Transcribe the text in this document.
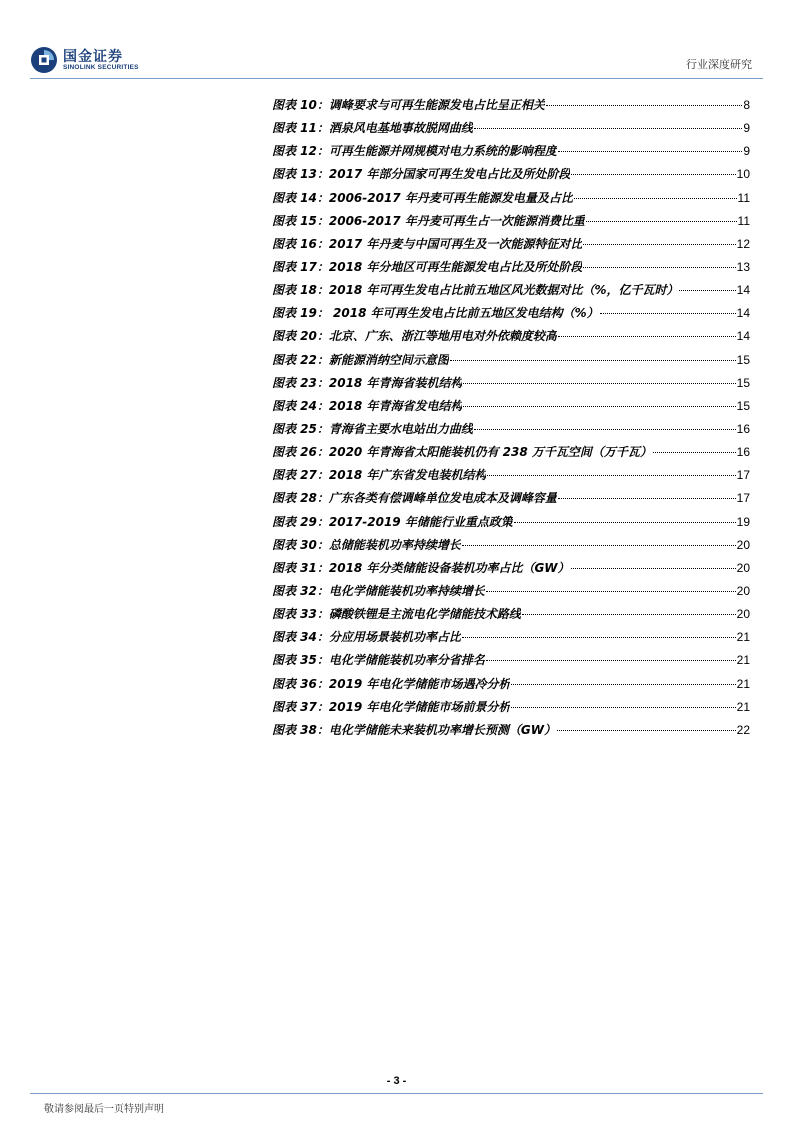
国金证券
SINOLINK SECURITIES	行业深度研究
图表 10：调峰要求与可再生能源发电占比呈正相关	8
图表 11：酒泉风电基地事故脱网曲线	9
图表 12：可再生能源并网规模对电力系统的影响程度	9
图表 13：2017 年部分国家可再生发电占比及所处阶段	10
图表 14：2006-2017 年丹麦可再生能源发电量及占比	11
图表 15：2006-2017 年丹麦可再生占一次能源消费比重	11
图表 16：2017 年丹麦与中国可再生及一次能源特征对比	12
图表 17：2018 年分地区可再生能源发电占比及所处阶段	13
图表 18：2018 年可再生发电占比前五地区风光数据对比（%，亿千瓦时）	14
图表 19： 2018 年可再生发电占比前五地区发电结构（%）	14
图表 20：北京、广东、浙江等地用电对外依赖度较高	14
图表 22：新能源消纳空间示意图	15
图表 23：2018 年青海省装机结构	15
图表 24：2018 年青海省发电结构	15
图表 25：青海省主要水电站出力曲线	16
图表 26：2020 年青海省太阳能装机仍有 238 万千瓦空间（万千瓦）	16
图表 27：2018 年广东省发电装机结构	17
图表 28：广东各类有偿调峰单位发电成本及调峰容量	17
图表 29：2017-2019 年储能行业重点政策	19
图表 30：总储能装机功率持续增长	20
图表 31：2018 年分类储能设备装机功率占比（GW）	20
图表 32：电化学储能装机功率持续增长	20
图表 33：磷酸铁锂是主流电化学储能技术路线	20
图表 34：分应用场景装机功率占比	21
图表 35：电化学储能装机功率分省排名	21
图表 36：2019 年电化学储能市场遇冷分析	21
图表 37：2019 年电化学储能市场前景分析	21
图表 38：电化学储能未来装机功率增长预测（GW）	22
- 3 -
敬请参阅最后一页特别声明
